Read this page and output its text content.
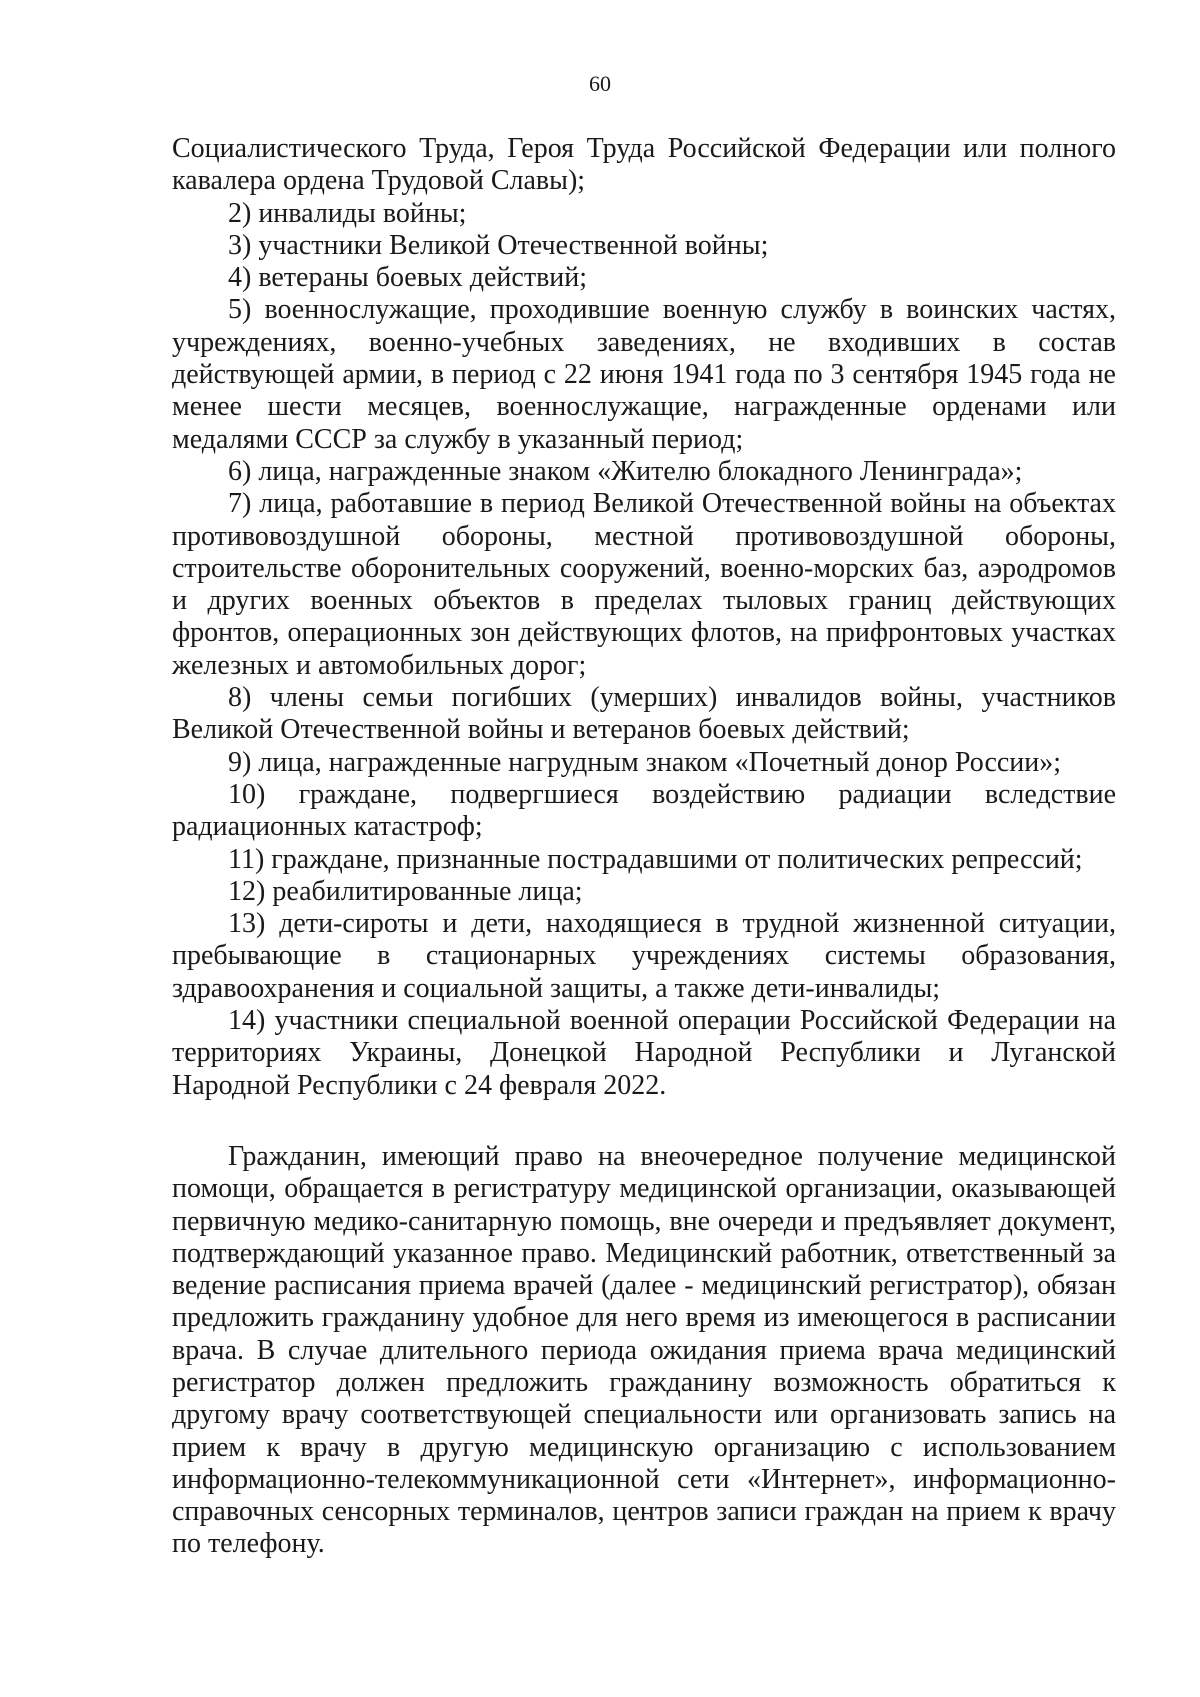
60

Социалистического Труда, Героя Труда Российской Федерации или полного кавалера ордена Трудовой Славы);

2) инвалиды войны;

3) участники Великой Отечественной войны;

4) ветераны боевых действий;

5) военнослужащие, проходившие военную службу в воинских частях, учреждениях, военно-учебных заведениях, не входивших в состав действующей армии, в период с 22 июня 1941 года по 3 сентября 1945 года не менее шести месяцев, военнослужащие, награжденные орденами или медалями СССР за службу в указанный период;

6) лица, награжденные знаком «Жителю блокадного Ленинграда»;

7) лица, работавшие в период Великой Отечественной войны на объектах противовоздушной обороны, местной противовоздушной обороны, строительстве оборонительных сооружений, военно-морских баз, аэродромов и других военных объектов в пределах тыловых границ действующих фронтов, операционных зон действующих флотов, на прифронтовых участках железных и автомобильных дорог;

8) члены семьи погибших (умерших) инвалидов войны, участников Великой Отечественной войны и ветеранов боевых действий;

9) лица, награжденные нагрудным знаком «Почетный донор России»;

10) граждане, подвергшиеся воздействию радиации вследствие радиационных катастроф;

11) граждане, признанные пострадавшими от политических репрессий;

12) реабилитированные лица;

13) дети-сироты и дети, находящиеся в трудной жизненной ситуации, пребывающие в стационарных учреждениях системы образования, здравоохранения и социальной защиты, а также дети-инвалиды;

14) участники специальной военной операции Российской Федерации на территориях Украины, Донецкой Народной Республики и Луганской Народной Республики с 24 февраля 2022.

Гражданин, имеющий право на внеочередное получение медицинской помощи, обращается в регистратуру медицинской организации, оказывающей первичную медико-санитарную помощь, вне очереди и предъявляет документ, подтверждающий указанное право. Медицинский работник, ответственный за ведение расписания приема врачей (далее - медицинский регистратор), обязан предложить гражданину удобное для него время из имеющегося в расписании врача. В случае длительного периода ожидания приема врача медицинский регистратор должен предложить гражданину возможность обратиться к другому врачу соответствующей специальности или организовать запись на прием к врачу в другую медицинскую организацию с использованием информационно-телекоммуникационной сети «Интернет», информационно-справочных сенсорных терминалов, центров записи граждан на прием к врачу по телефону.
